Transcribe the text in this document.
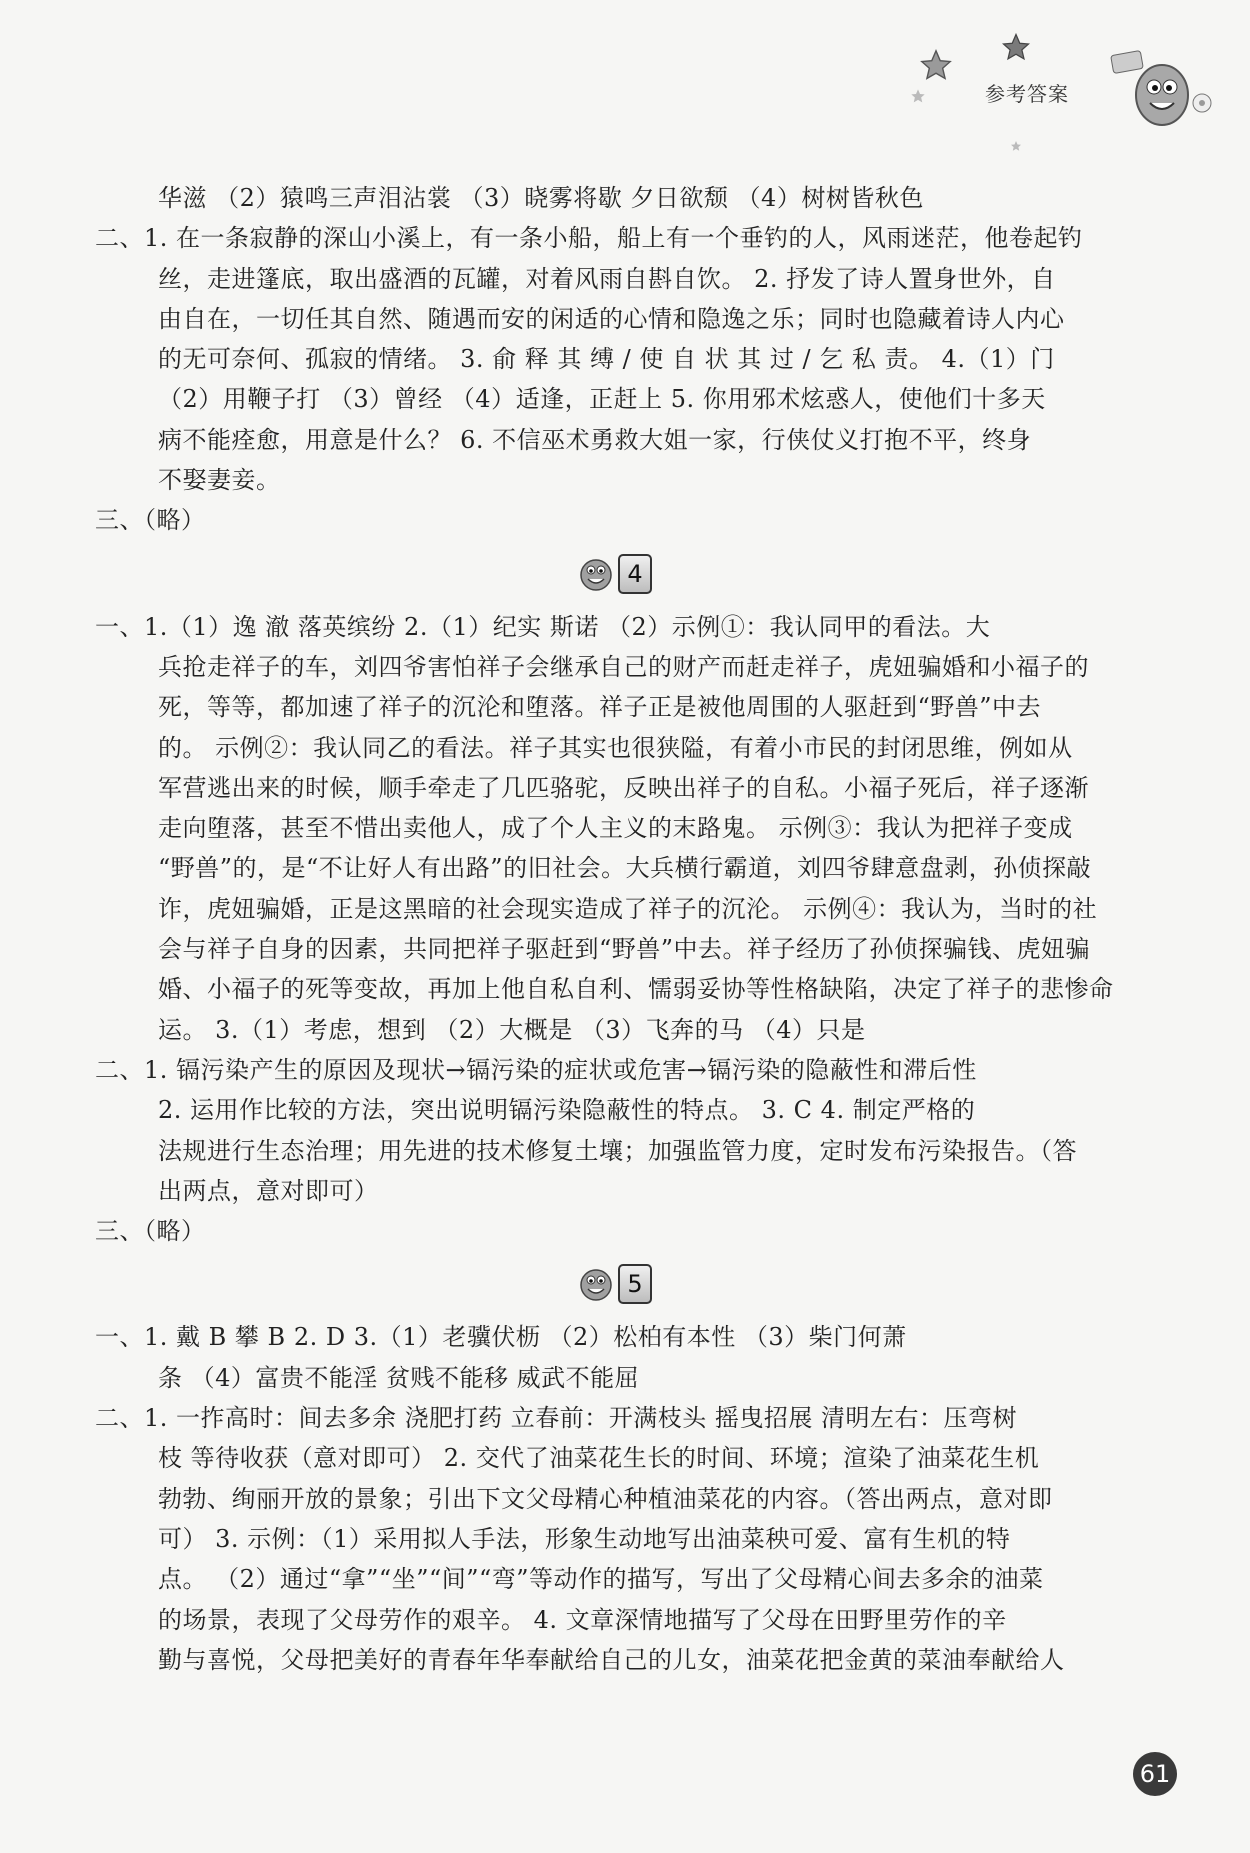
参考答案
华滋 （2）猿鸣三声泪沾裳 （3）晓雾将歇 夕日欲颓 （4）树树皆秋色
二、1. 在一条寂静的深山小溪上，有一条小船，船上有一个垂钓的人，风雨迷茫，他卷起钓
丝，走进篷底，取出盛酒的瓦罐，对着风雨自斟自饮。 2. 抒发了诗人置身世外，自
由自在，一切任其自然、随遇而安的闲适的心情和隐逸之乐；同时也隐藏着诗人内心
的无可奈何、孤寂的情绪。 3. 俞 释 其 缚 / 使 自 状 其 过 / 乞 私 责。 4.（1）门
（2）用鞭子打 （3）曾经 （4）适逢，正赶上 5. 你用邪术炫惑人，使他们十多天
病不能痊愈，用意是什么？ 6. 不信巫术勇救大姐一家，行侠仗义打抱不平，终身
不娶妻妾。
三、（略）
4
一、1.（1）逸 澈 落英缤纷 2.（1）纪实 斯诺 （2）示例①：我认同甲的看法。大
兵抢走祥子的车，刘四爷害怕祥子会继承自己的财产而赶走祥子，虎妞骗婚和小福子的
死，等等，都加速了祥子的沉沦和堕落。祥子正是被他周围的人驱赶到“野兽”中去
的。 示例②：我认同乙的看法。祥子其实也很狭隘，有着小市民的封闭思维，例如从
军营逃出来的时候，顺手牵走了几匹骆驼，反映出祥子的自私。小福子死后，祥子逐渐
走向堕落，甚至不惜出卖他人，成了个人主义的末路鬼。 示例③：我认为把祥子变成
“野兽”的，是“不让好人有出路”的旧社会。大兵横行霸道，刘四爷肆意盘剥，孙侦探敲
诈，虎妞骗婚，正是这黑暗的社会现实造成了祥子的沉沦。 示例④：我认为，当时的社
会与祥子自身的因素，共同把祥子驱赶到“野兽”中去。祥子经历了孙侦探骗钱、虎妞骗
婚、小福子的死等变故，再加上他自私自利、懦弱妥协等性格缺陷，决定了祥子的悲惨命
运。 3.（1）考虑，想到 （2）大概是 （3）飞奔的马 （4）只是
二、1. 镉污染产生的原因及现状→镉污染的症状或危害→镉污染的隐蔽性和滞后性
2. 运用作比较的方法，突出说明镉污染隐蔽性的特点。 3. C 4. 制定严格的
法规进行生态治理；用先进的技术修复土壤；加强监管力度，定时发布污染报告。（答
出两点，意对即可）
三、（略）
5
一、1. 戴 B 攀 B 2. D 3.（1）老骥伏枥 （2）松柏有本性 （3）柴门何萧
条 （4）富贵不能淫 贫贱不能移 威武不能屈
二、1. 一拃高时：间去多余 浇肥打药 立春前：开满枝头 摇曳招展 清明左右：压弯树
枝 等待收获（意对即可） 2. 交代了油菜花生长的时间、环境；渲染了油菜花生机
勃勃、绚丽开放的景象；引出下文父母精心种植油菜花的内容。（答出两点，意对即
可） 3. 示例：（1）采用拟人手法，形象生动地写出油菜秧可爱、富有生机的特
点。 （2）通过“拿”“坐”“间”“弯”等动作的描写，写出了父母精心间去多余的油菜
的场景，表现了父母劳作的艰辛。 4. 文章深情地描写了父母在田野里劳作的辛
勤与喜悦，父母把美好的青春年华奉献给自己的儿女，油菜花把金黄的菜油奉献给人
61
